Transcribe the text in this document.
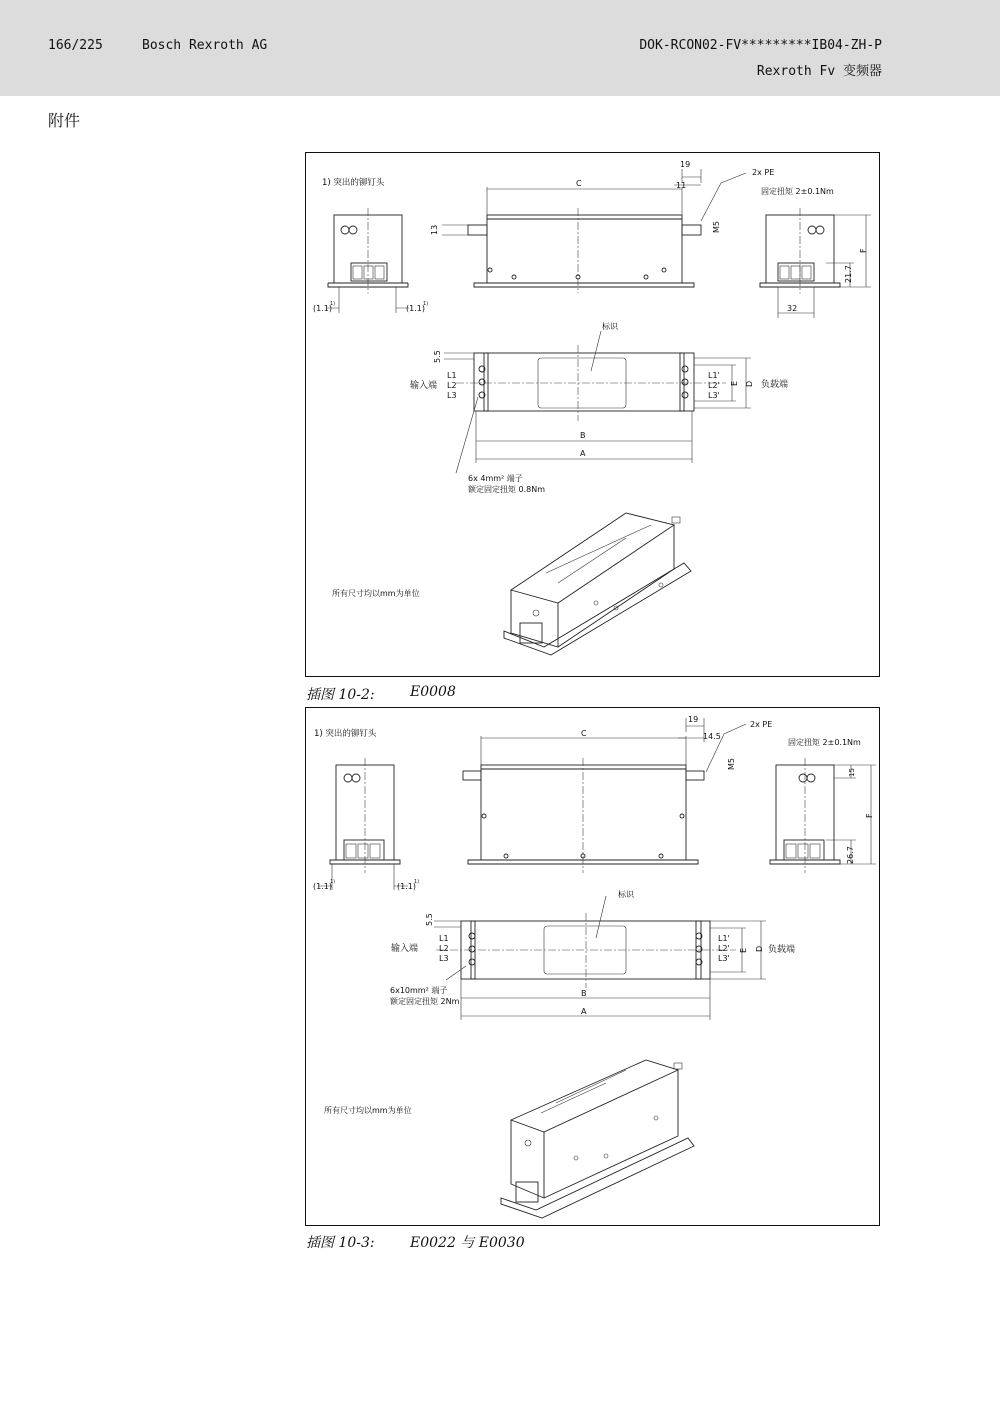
166/225	Bosch Rexroth AG	DOK-RCON02-FV*********IB04-ZH-P
Rexroth Fv 变频器
附件
1) 突出的铆钉头
固定扭矩 2±0.1Nm
2x PE
(1.1)
1)	(1.1)
1)
C
19
11
13	M5
F
21.7
32
标识
5.5
输入端
L1
L2
L3
L1'
L2'
L3'
D
E 负载端
B
A
6x 4mm² 端子
额定固定扭矩 0.8Nm
所有尺寸均以mm为单位
插图 10-2:	E0008
1) 突出的铆钉头
固定扭矩 2±0.1Nm
2x PE
(1.1)
1)	(1.1)
1)
C
19
14.5
M5
15
F
26.7
标识
5.5
输入端
L1
L2
L3
L1'
L2'
L3'
E D 负载端
B
A
6x10mm² 端子
额定固定扭矩 2Nm
所有尺寸均以mm为单位
插图 10-3:	E0022 与 E0030
